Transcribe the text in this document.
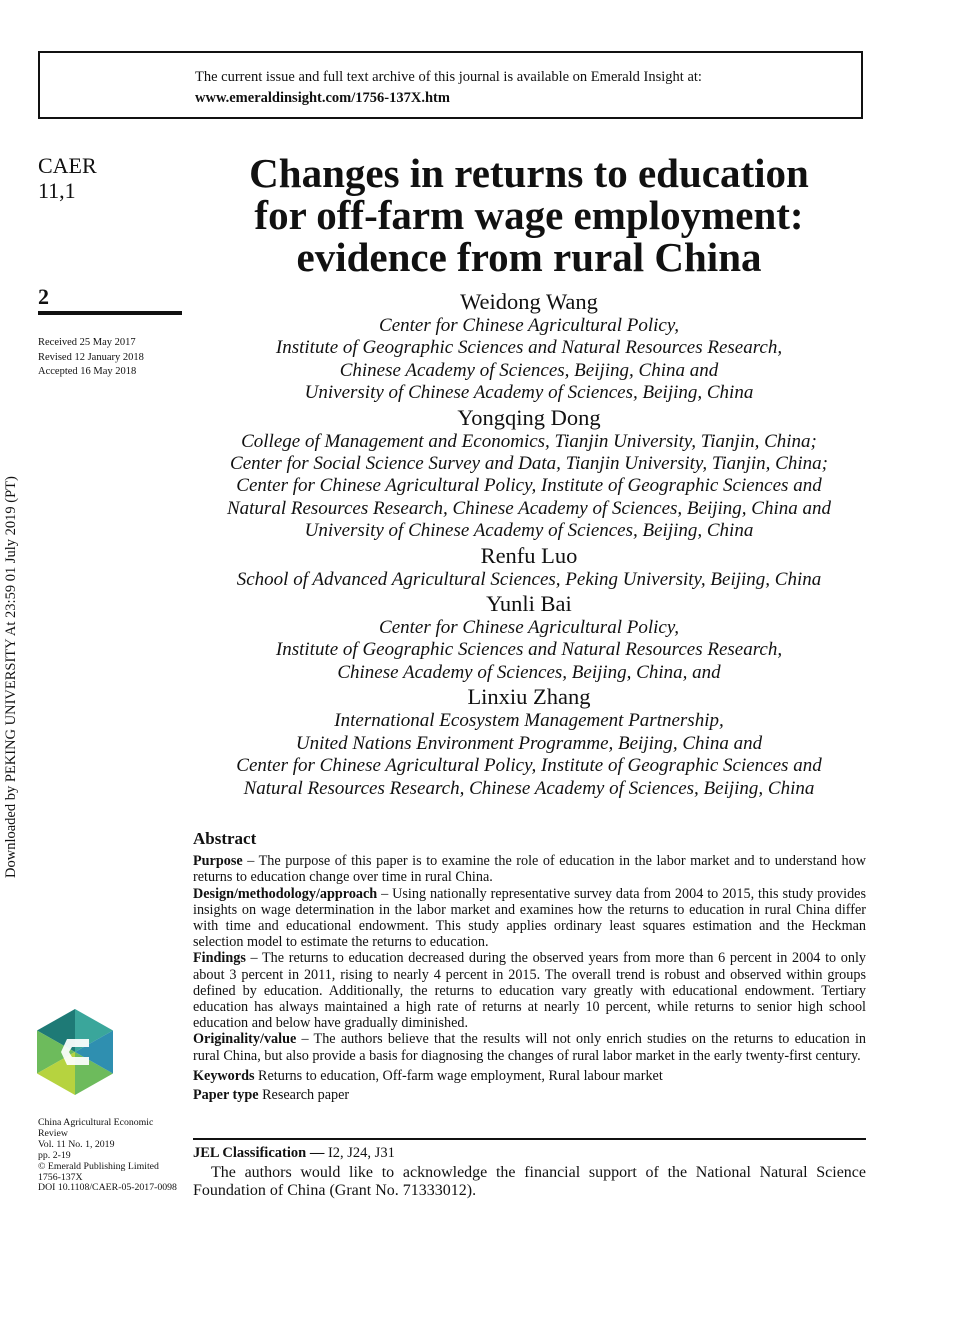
The current issue and full text archive of this journal is available on Emerald Insight at:
www.emeraldinsight.com/1756-137X.htm
CAER
11,1
2
Received 25 May 2017
Revised 12 January 2018
Accepted 16 May 2018
Downloaded by PEKING UNIVERSITY At 23:59 01 July 2019 (PT)
Changes in returns to education
for off-farm wage employment:
evidence from rural China
Weidong Wang
Center for Chinese Agricultural Policy,
Institute of Geographic Sciences and Natural Resources Research,
Chinese Academy of Sciences, Beijing, China and
University of Chinese Academy of Sciences, Beijing, China
Yongqing Dong
College of Management and Economics, Tianjin University, Tianjin, China;
Center for Social Science Survey and Data, Tianjin University, Tianjin, China;
Center for Chinese Agricultural Policy, Institute of Geographic Sciences and
Natural Resources Research, Chinese Academy of Sciences, Beijing, China and
University of Chinese Academy of Sciences, Beijing, China
Renfu Luo
School of Advanced Agricultural Sciences, Peking University, Beijing, China
Yunli Bai
Center for Chinese Agricultural Policy,
Institute of Geographic Sciences and Natural Resources Research,
Chinese Academy of Sciences, Beijing, China, and
Linxiu Zhang
International Ecosystem Management Partnership,
United Nations Environment Programme, Beijing, China and
Center for Chinese Agricultural Policy, Institute of Geographic Sciences and
Natural Resources Research, Chinese Academy of Sciences, Beijing, China
Abstract
Purpose – The purpose of this paper is to examine the role of education in the labor market and to understand how returns to education change over time in rural China.
Design/methodology/approach – Using nationally representative survey data from 2004 to 2015, this study provides insights on wage determination in the labor market and examines how the returns to education in rural China differ with time and educational endowment. This study applies ordinary least squares estimation and the Heckman selection model to estimate the returns to education.
Findings – The returns to education decreased during the observed years from more than 6 percent in 2004 to only about 3 percent in 2011, rising to nearly 4 percent in 2015. The overall trend is robust and observed within groups defined by education. Additionally, the returns to education vary greatly with educational endowment. Tertiary education has always maintained a high rate of returns at nearly 10 percent, while returns to senior high school education and below have gradually diminished.
Originality/value – The authors believe that the results will not only enrich studies on the returns to education in rural China, but also provide a basis for diagnosing the changes of rural labor market in the early twenty-first century.
Keywords Returns to education, Off-farm wage employment, Rural labour market
Paper type Research paper
JEL Classification — I2, J24, J31
The authors would like to acknowledge the financial support of the National Natural Science Foundation of China (Grant No. 71333012).
China Agricultural Economic
Review
Vol. 11 No. 1, 2019
pp. 2-19
© Emerald Publishing Limited
1756-137X
DOI 10.1108/CAER-05-2017-0098
